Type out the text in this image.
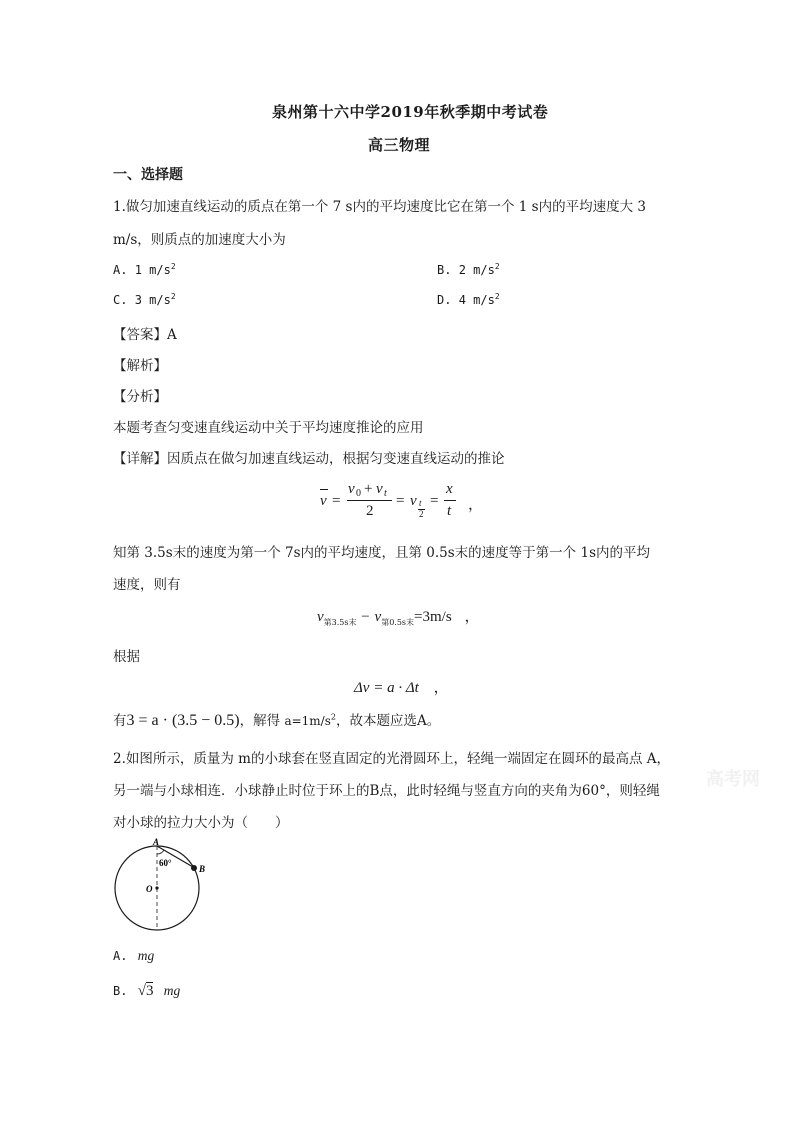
泉州第十六中学2019年秋季期中考试卷
高三物理
一、选择题
1.做匀加速直线运动的质点在第一个 7 s内的平均速度比它在第一个 1 s内的平均速度大 3
m/s，则质点的加速度大小为
A. 1 $m/s^2$	B. 2 $m/s^2$
C. 3 $m/s^2$	D. 4 $m/s^2$
【答案】A
【解析】
【分析】
本题考查匀变速直线运动中关于平均速度推论的应用
【详解】因质点在做匀加速直线运动，根据匀变速直线运动的推论
v =
v 0 + v t
2
= v t
2
=
x
t ，
知第 3.5s末的速度为第一个 7s内的平均速度，且第 0.5s末的速度等于第一个 1s内的平均
速度，则有
$v_{第3.5s末} - v_{第0.5s末}=3m/s$ ，
根据
Δv = a · Δt ，
有3 = a · (3.5 − 0.5)，解得 $a=1m/s^2$，故本题应选A。
2.如图所示，质量为 m的小球套在竖直固定的光滑圆环上，轻绳一端固定在圆环的最高点 A，
另一端与小球相连．小球静止时位于环上的B点，此时轻绳与竖直方向的夹角为60°，则轻绳
对小球的拉力大小为（　　）
A
B
O
60°
A. mg
B. √3 mg
高考网
